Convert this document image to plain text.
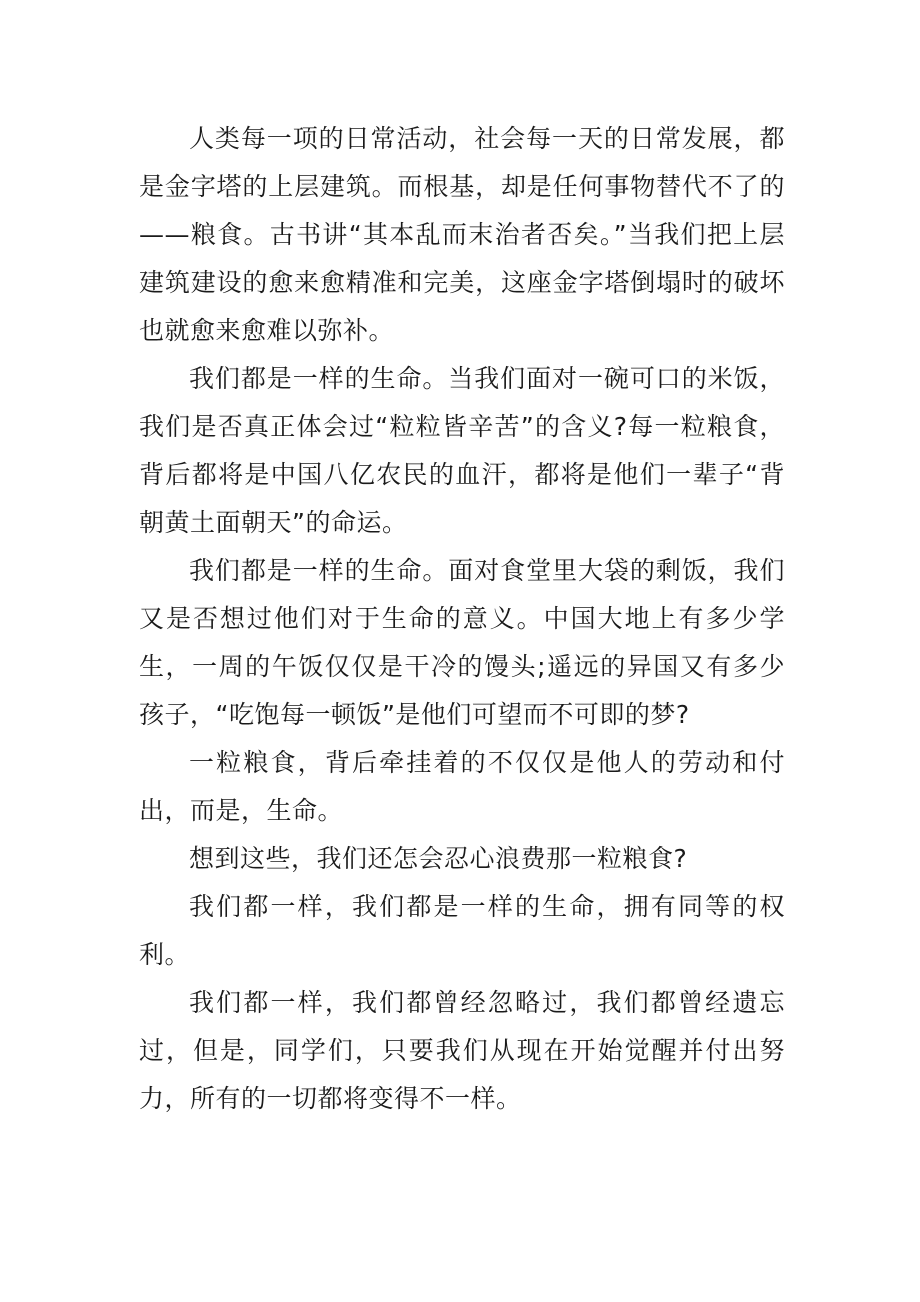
人类每一项的日常活动，社会每一天的日常发展，都是金字塔的上层建筑。而根基，却是任何事物替代不了的——粮食。古书讲“其本乱而末治者否矣。”当我们把上层建筑建设的愈来愈精准和完美，这座金字塔倒塌时的破坏也就愈来愈难以弥补。

我们都是一样的生命。当我们面对一碗可口的米饭，我们是否真正体会过“粒粒皆辛苦”的含义?每一粒粮食，背后都将是中国八亿农民的血汗，都将是他们一辈子“背朝黄土面朝天”的命运。

我们都是一样的生命。面对食堂里大袋的剩饭，我们又是否想过他们对于生命的意义。中国大地上有多少学生，一周的午饭仅仅是干冷的馒头;遥远的异国又有多少孩子，“吃饱每一顿饭”是他们可望而不可即的梦?

一粒粮食，背后牵挂着的不仅仅是他人的劳动和付出，而是，生命。

想到这些，我们还怎会忍心浪费那一粒粮食?

我们都一样，我们都是一样的生命，拥有同等的权利。

我们都一样，我们都曾经忽略过，我们都曾经遗忘过，但是，同学们，只要我们从现在开始觉醒并付出努力，所有的一切都将变得不一样。
